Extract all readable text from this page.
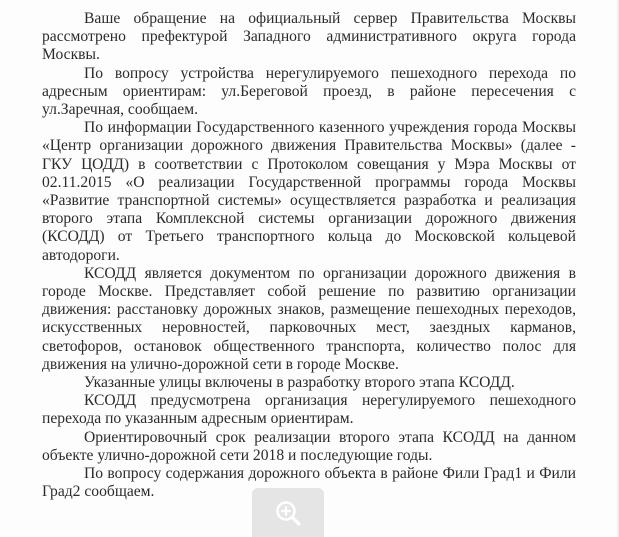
Ваше обращение на официальный сервер Правительства Москвы рассмотрено префектурой Западного административного округа города Москвы.

По вопросу устройства нерегулируемого пешеходного перехода по адресным ориентирам: ул.Береговой проезд, в районе пересечения с ул.Заречная, сообщаем.

По информации Государственного казенного учреждения города Москвы «Центр организации дорожного движения Правительства Москвы» (далее - ГКУ ЦОДД) в соответствии с Протоколом совещания у Мэра Москвы от 02.11.2015 «О реализации Государственной программы города Москвы «Развитие транспортной системы» осуществляется разработка и реализация второго этапа Комплексной системы организации дорожного движения (КСОДД) от Третьего транспортного кольца до Московской кольцевой автодороги.

КСОДД является документом по организации дорожного движения в городе Москве. Представляет собой решение по развитию организации движения: расстановку дорожных знаков, размещение пешеходных переходов, искусственных неровностей, парковочных мест, заездных карманов, светофоров, остановок общественного транспорта, количество полос для движения на улично-дорожной сети в городе Москве.

Указанные улицы включены в разработку второго этапа КСОДД.

КСОДД предусмотрена организация нерегулируемого пешеходного перехода по указанным адресным ориентирам.

Ориентировочный срок реализации второго этапа КСОДД на данном объекте улично-дорожной сети 2018 и последующие годы.

По вопросу содержания дорожного объекта в районе Фили Град1 и Фили Град2 сообщаем.
